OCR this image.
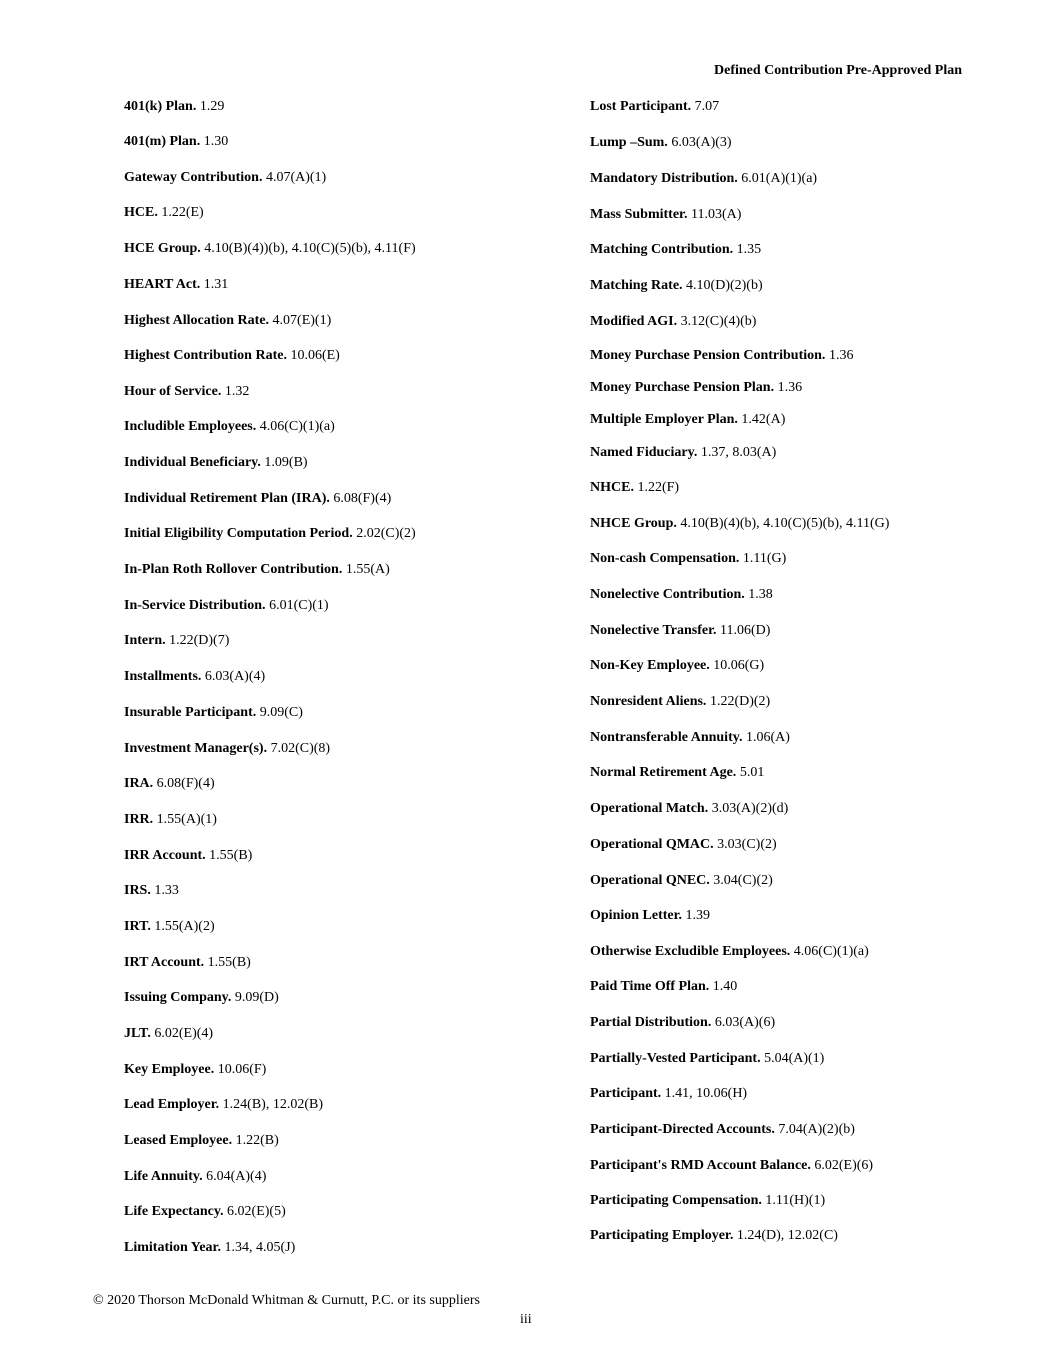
Defined Contribution Pre-Approved Plan
401(k) Plan. 1.29
401(m) Plan. 1.30
Gateway Contribution. 4.07(A)(1)
HCE. 1.22(E)
HCE Group. 4.10(B)(4))(b), 4.10(C)(5)(b), 4.11(F)
HEART Act. 1.31
Highest Allocation Rate. 4.07(E)(1)
Highest Contribution Rate. 10.06(E)
Hour of Service. 1.32
Includible Employees. 4.06(C)(1)(a)
Individual Beneficiary. 1.09(B)
Individual Retirement Plan (IRA). 6.08(F)(4)
Initial Eligibility Computation Period. 2.02(C)(2)
In-Plan Roth Rollover Contribution. 1.55(A)
In-Service Distribution. 6.01(C)(1)
Intern. 1.22(D)(7)
Installments. 6.03(A)(4)
Insurable Participant. 9.09(C)
Investment Manager(s). 7.02(C)(8)
IRA. 6.08(F)(4)
IRR. 1.55(A)(1)
IRR Account. 1.55(B)
IRS. 1.33
IRT. 1.55(A)(2)
IRT Account. 1.55(B)
Issuing Company. 9.09(D)
JLT. 6.02(E)(4)
Key Employee. 10.06(F)
Lead Employer. 1.24(B), 12.02(B)
Leased Employee. 1.22(B)
Life Annuity. 6.04(A)(4)
Life Expectancy. 6.02(E)(5)
Limitation Year. 1.34, 4.05(J)
Lost Participant. 7.07
Lump –Sum. 6.03(A)(3)
Mandatory Distribution. 6.01(A)(1)(a)
Mass Submitter. 11.03(A)
Matching Contribution. 1.35
Matching Rate. 4.10(D)(2)(b)
Modified AGI. 3.12(C)(4)(b)
Money Purchase Pension Contribution. 1.36
Money Purchase Pension Plan. 1.36
Multiple Employer Plan. 1.42(A)
Named Fiduciary. 1.37, 8.03(A)
NHCE. 1.22(F)
NHCE Group. 4.10(B)(4)(b), 4.10(C)(5)(b), 4.11(G)
Non-cash Compensation. 1.11(G)
Nonelective Contribution. 1.38
Nonelective Transfer. 11.06(D)
Non-Key Employee. 10.06(G)
Nonresident Aliens. 1.22(D)(2)
Nontransferable Annuity. 1.06(A)
Normal Retirement Age. 5.01
Operational Match. 3.03(A)(2)(d)
Operational QMAC. 3.03(C)(2)
Operational QNEC. 3.04(C)(2)
Opinion Letter. 1.39
Otherwise Excludible Employees. 4.06(C)(1)(a)
Paid Time Off Plan. 1.40
Partial Distribution. 6.03(A)(6)
Partially-Vested Participant. 5.04(A)(1)
Participant. 1.41, 10.06(H)
Participant-Directed Accounts. 7.04(A)(2)(b)
Participant's RMD Account Balance. 6.02(E)(6)
Participating Compensation. 1.11(H)(1)
Participating Employer. 1.24(D), 12.02(C)
© 2020 Thorson McDonald Whitman & Curnutt, P.C. or its suppliers
iii
